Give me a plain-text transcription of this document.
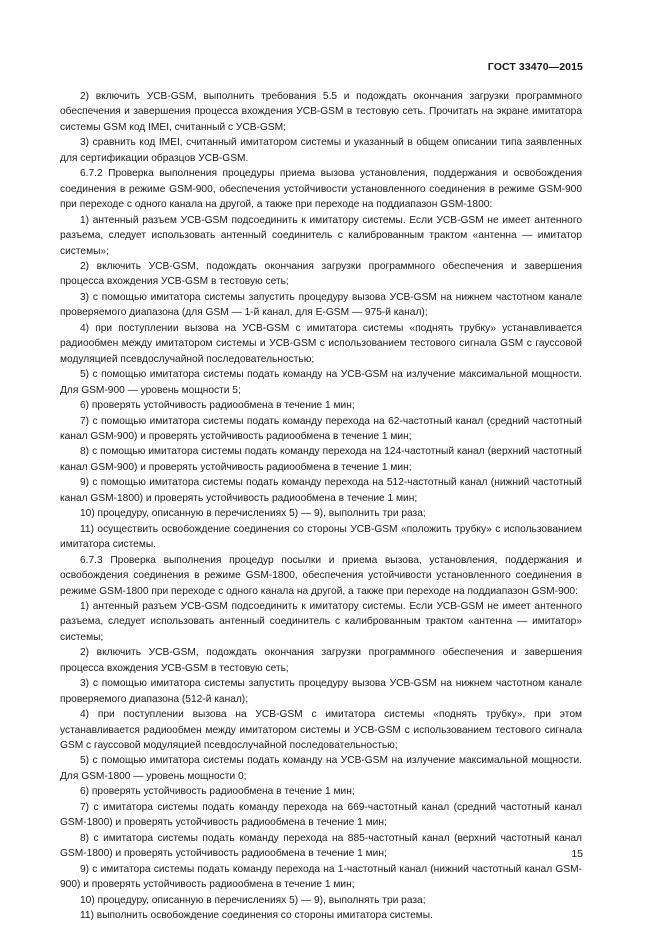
ГОСТ 33470—2015

2) включить УСВ-GSM, выполнить требования 5.5 и подождать окончания загрузки программного обеспечения и завершения процесса вхождения УСВ-GSM в тестовую сеть. Прочитать на экране имитатора системы GSM код IMEI, считанный с УСВ-GSM;

3) сравнить код IMEI, считанный имитатором системы и указанный в общем описании типа заявленных для сертификации образцов УСВ-GSM.

6.7.2 Проверка выполнения процедуры приема вызова установления, поддержания и освобождения соединения в режиме GSM-900, обеспечения устойчивости установленного соединения в режиме GSM-900 при переходе с одного канала на другой, а также при переходе на поддиапазон GSM-1800:

1) антенный разъем УСВ-GSM подсоединить к имитатору системы. Если УСВ-GSM не имеет антенного разъема, следует использовать антенный соединитель с калиброванным трактом «антенна — имитатор системы»;

2) включить УСВ-GSM, подождать окончания загрузки программного обеспечения и завершения процесса вхождения УСВ-GSM в тестовую сеть;

3) с помощью имитатора системы запустить процедуру вызова УСВ-GSM на нижнем частотном канале проверяемого диапазона (для GSM — 1-й канал, для E-GSM — 975-й канал);

4) при поступлении вызова на УСВ-GSM с имитатора системы «поднять трубку» устанавливается радиообмен между имитатором системы и УСВ-GSM с использованием тестового сигнала GSM с гауссовой модуляцией псевдослучайной последовательностью;

5) с помощью имитатора системы подать команду на УСВ-GSM на излучение максимальной мощности. Для GSM-900 — уровень мощности 5;

6) проверять устойчивость радиообмена в течение 1 мин;

7) с помощью имитатора системы подать команду перехода на 62-частотный канал (средний частотный канал GSM-900) и проверять устойчивость радиообмена в течение 1 мин;

8) с помощью имитатора системы подать команду перехода на 124-частотный канал (верхний частотный канал GSM-900) и проверять устойчивость радиообмена в течение 1 мин;

9) с помощью имитатора системы подать команду перехода на 512-частотный канал (нижний частотный канал GSM-1800) и проверять устойчивость радиообмена в течение 1 мин;

10) процедуру, описанную в перечислениях 5) — 9), выполнить три раза;

11) осуществить освобождение соединения со стороны УСВ-GSM «положить трубку» с использованием имитатора системы.

6.7.3 Проверка выполнения процедур посылки и приема вызова, установления, поддержания и освобождения соединения в режиме GSM-1800, обеспечения устойчивости установленного соединения в режиме GSM-1800 при переходе с одного канала на другой, а также при переходе на поддиапазон GSM-900:

1) антенный разъем УСВ-GSM подсоединить к имитатору системы. Если УСВ-GSM не имеет антенного разъема, следует использовать антенный соединитель с калиброванным трактом «антенна — имитатор» системы;

2) включить УСВ-GSM, подождать окончания загрузки программного обеспечения и завершения процесса вхождения УСВ-GSM в тестовую сеть;

3) с помощью имитатора системы запустить процедуру вызова УСВ-GSM на нижнем частотном канале проверяемого диапазона (512-й канал);

4) при поступлении вызова на УСВ-GSM с имитатора системы «поднять трубку», при этом устанавливается радиообмен между имитатором системы и УСВ-GSM с использованием тестового сигнала GSM с гауссовой модуляцией псевдослучайной последовательностью;

5) с помощью имитатора системы подать команду на УСВ-GSM на излучение максимальной мощности. Для GSM-1800 — уровень мощности 0;

6) проверять устойчивость радиообмена в течение 1 мин;

7) с имитатора системы подать команду перехода на 669-частотный канал (средний частотный канал GSM-1800) и проверять устойчивость радиообмена в течение 1 мин;

8) с имитатора системы подать команду перехода на 885-частотный канал (верхний частотный канал GSM-1800) и проверять устойчивость радиообмена в течение 1 мин;

9) с имитатора системы подать команду перехода на 1-частотный канал (нижний частотный канал GSM-900) и проверять устойчивость радиообмена в течение 1 мин;

10) процедуру, описанную в перечислениях 5) — 9), выполнять три раза;

11) выполнить освобождение соединения со стороны имитатора системы.

15
